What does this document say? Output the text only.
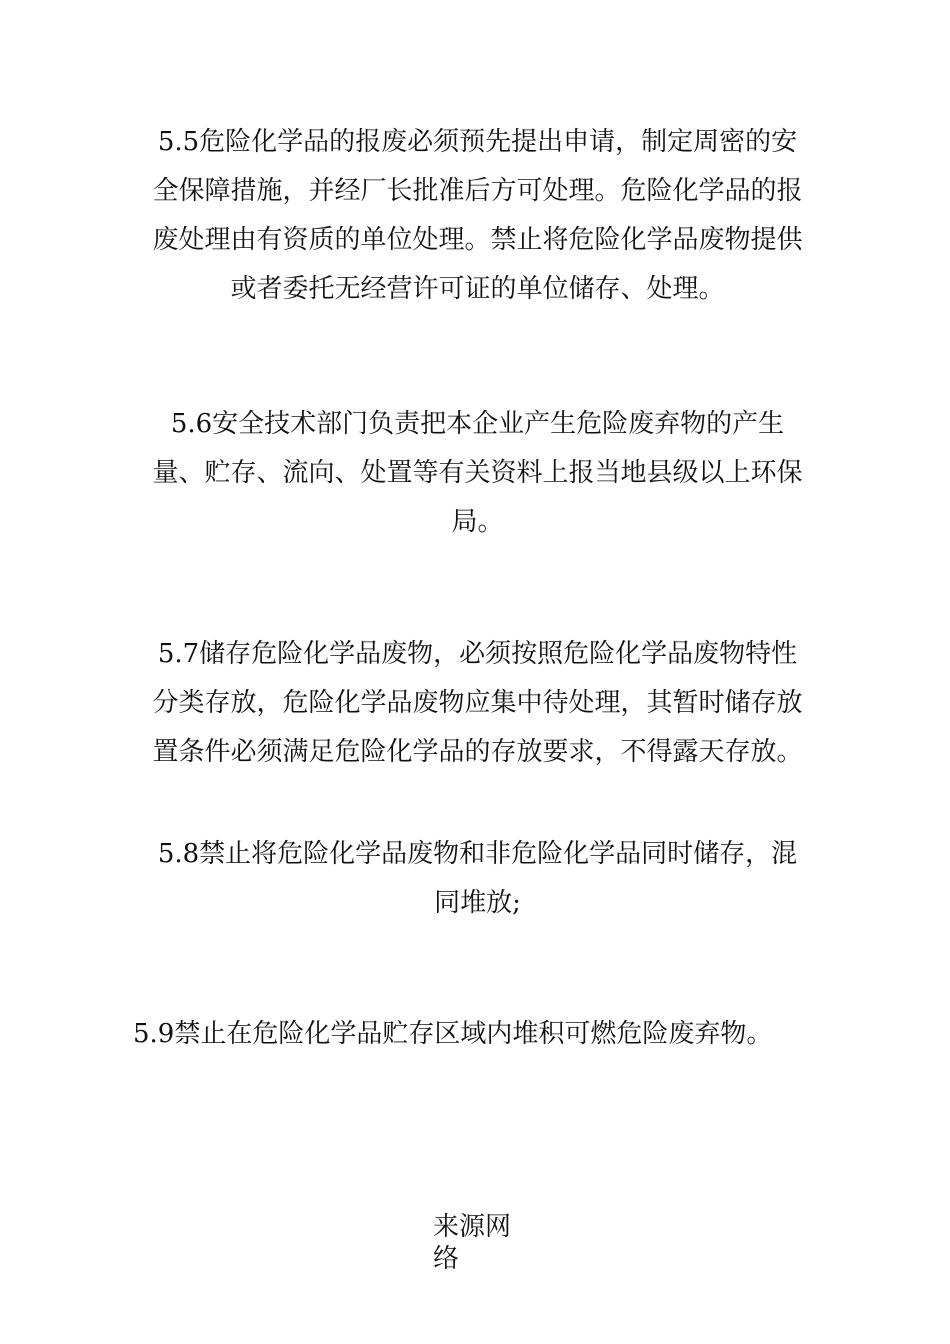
5.5危险化学品的报废必须预先提出申请，制定周密的安全保障措施，并经厂长批准后方可处理。危险化学品的报废处理由有资质的单位处理。禁止将危险化学品废物提供或者委托无经营许可证的单位储存、处理。

5.6安全技术部门负责把本企业产生危险废弃物的产生量、贮存、流向、处置等有关资料上报当地县级以上环保局。

5.7储存危险化学品废物，必须按照危险化学品废物特性分类存放，危险化学品废物应集中待处理，其暂时储存放置条件必须满足危险化学品的存放要求，不得露天存放。

5.8禁止将危险化学品废物和非危险化学品同时储存，混同堆放;

5.9禁止在危险化学品贮存区域内堆积可燃危险废弃物。

来源网络
